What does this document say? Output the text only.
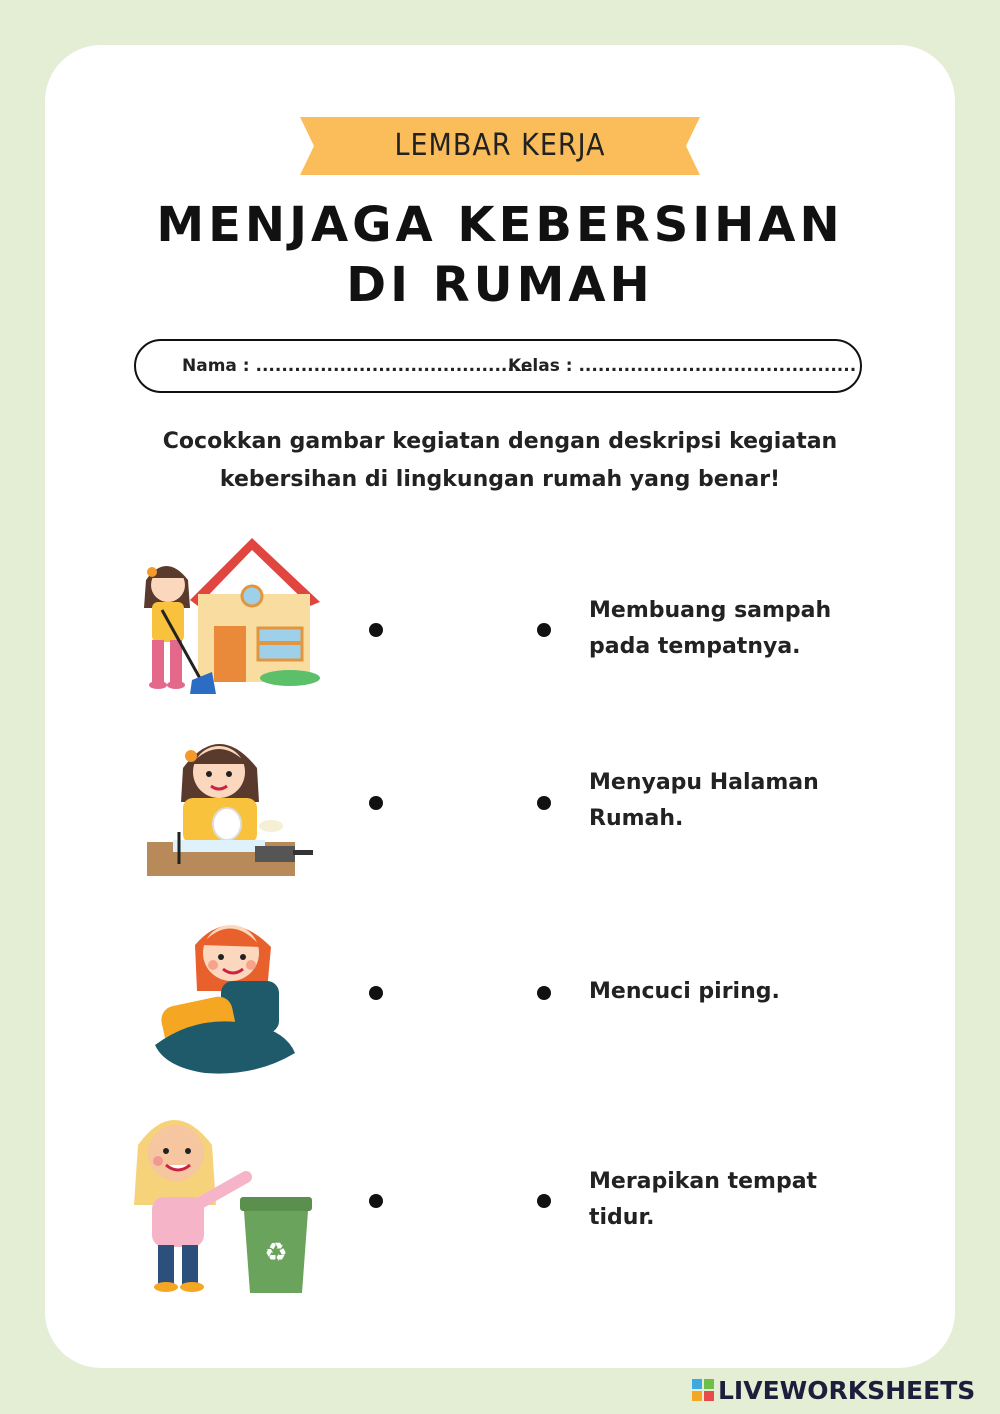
LEMBAR KERJA
MENJAGA KEBERSIHAN
DI RUMAH
Nama : ...........................................
Kelas : ...........................................
Cocokkan gambar kegiatan dengan deskripsi kegiatan
kebersihan di lingkungan rumah yang benar!
Membuang sampah
pada tempatnya.
Menyapu Halaman
Rumah.
Mencuci piring.
♻
Merapikan tempat
tidur.
LIVEWORKSHEETS
